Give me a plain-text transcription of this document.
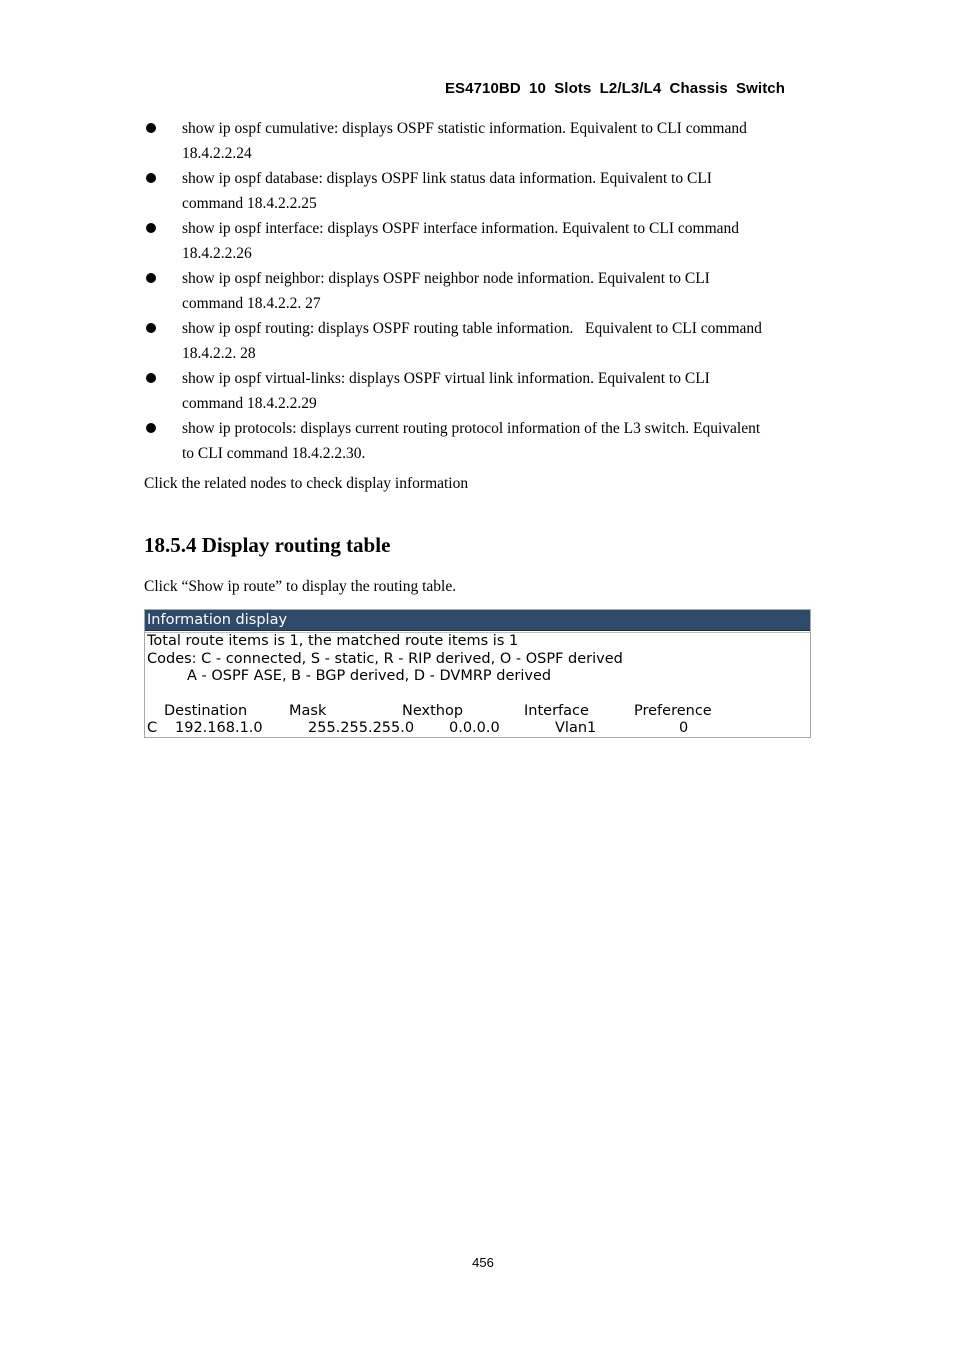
ES4710BD 10 Slots L2/L3/L4 Chassis Switch
show ip ospf cumulative: displays OSPF statistic information. Equivalent to CLI command
18.4.2.2.24
show ip ospf database: displays OSPF link status data information. Equivalent to CLI
command 18.4.2.2.25
show ip ospf interface: displays OSPF interface information. Equivalent to CLI command
18.4.2.2.26
show ip ospf neighbor: displays OSPF neighbor node information. Equivalent to CLI
command 18.4.2.2. 27
show ip ospf routing: displays OSPF routing table information.   Equivalent to CLI command
18.4.2.2. 28
show ip ospf virtual-links: displays OSPF virtual link information. Equivalent to CLI
command 18.4.2.2.29
show ip protocols: displays current routing protocol information of the L3 switch. Equivalent
to CLI command 18.4.2.2.30.
Click the related nodes to check display information
18.5.4 Display routing table
Click “Show ip route” to display the routing table.
Information display
Total route items is 1, the matched route items is 1
Codes: C - connected, S - static, R - RIP derived, O - OSPF derived
A - OSPF ASE, B - BGP derived, D - DVMRP derived
Destination	Mask	Nexthop	Interface	Preference
C 192.168.1.0	255.255.255.0 0.0.0.0	Vlan1	0
456
